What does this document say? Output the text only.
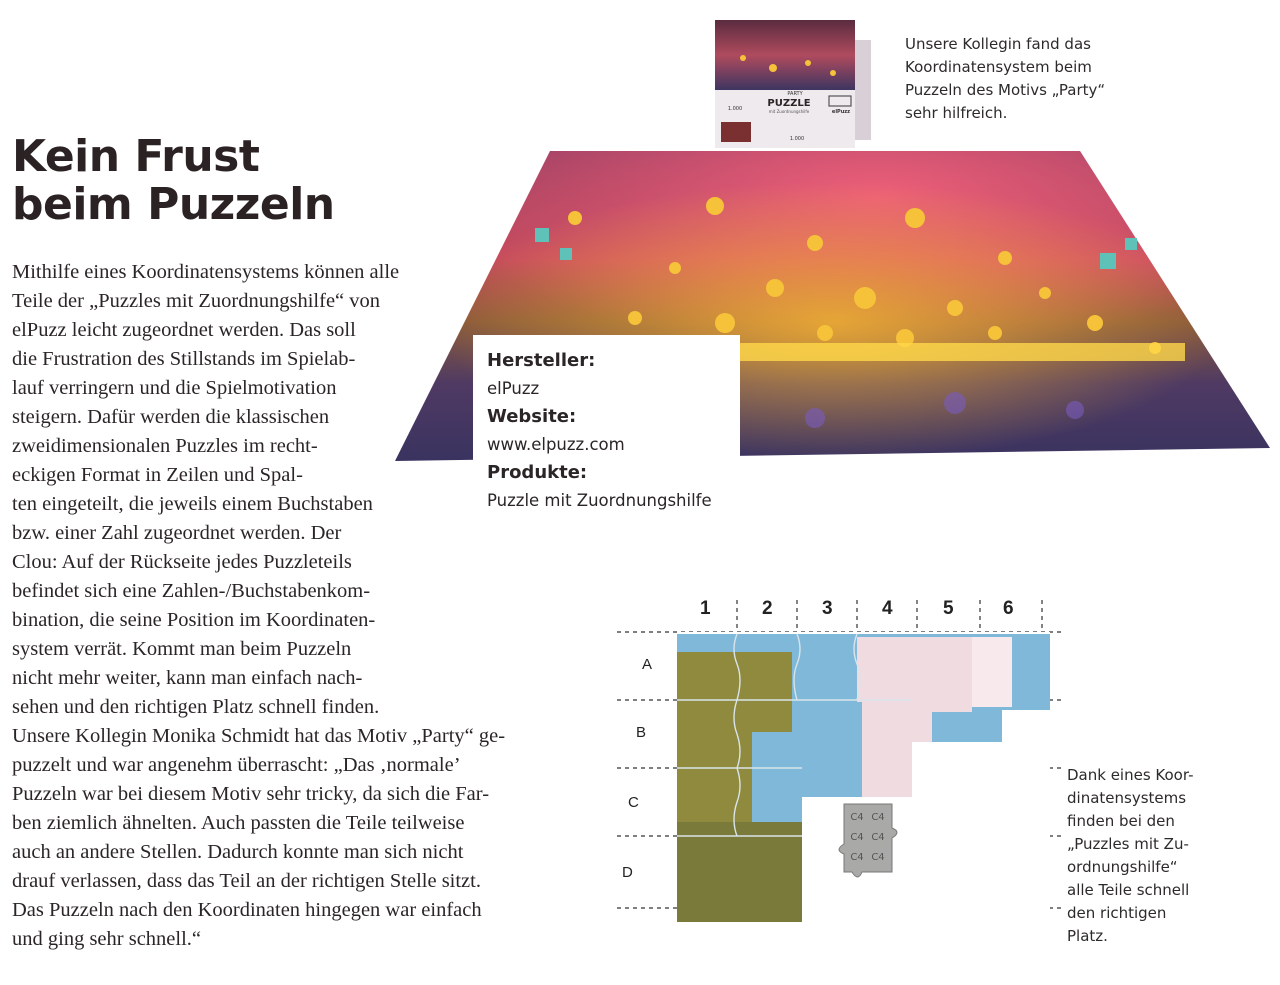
Kein Frust
beim Puzzeln
PARTY
PUZZLE
mit Zuordnungshilfe
1.000
1.000
elPuzz
Unsere Kollegin fand das
Koordinatensystem beim
Puzzeln des Motivs „Party“
sehr hilfreich.
Hersteller:
elPuzz
Website:
www.elpuzz.com
Produkte:
Puzzle mit Zuordnungshilfe
Mithilfe eines Koordinatensystems können alle
Teile der „Puzzles mit Zuordnungshilfe“ von
elPuzz leicht zugeordnet werden. Das soll
die Frustration des Stillstands im Spielab-
lauf verringern und die Spielmotivation
steigern. Dafür werden die klassischen
zweidimensionalen Puzzles im recht-
eckigen Format in Zeilen und Spal-
ten eingeteilt, die jeweils einem Buchstaben
bzw. einer Zahl zugeordnet werden. Der
Clou: Auf der Rückseite jedes Puzzleteils
befindet sich eine Zahlen-/Buchstabenkom-
bination, die seine Position im Koordinaten-
system verrät. Kommt man beim Puzzeln
nicht mehr weiter, kann man einfach nach-
sehen und den richtigen Platz schnell finden.
Unsere Kollegin Monika Schmidt hat das Motiv „Party“ ge-
puzzelt und war angenehm überrascht: „Das ‚normale’
Puzzeln war bei diesem Motiv sehr tricky, da sich die Far-
ben ziemlich ähnelten. Auch passten die Teile teilweise
auch an andere Stellen. Dadurch konnte man sich nicht
drauf verlassen, dass das Teil an der richtigen Stelle sitzt.
Das Puzzeln nach den Koordinaten hingegen war einfach
und ging sehr schnell.“
C4 C4
C4 C4
C4 C4
1	2	3	4	5	6
A
B
C
D
Dank eines Koor-
dinatensystems
finden bei den
„Puzzles mit Zu-
ordnungshilfe“
alle Teile schnell
den richtigen
Platz.
